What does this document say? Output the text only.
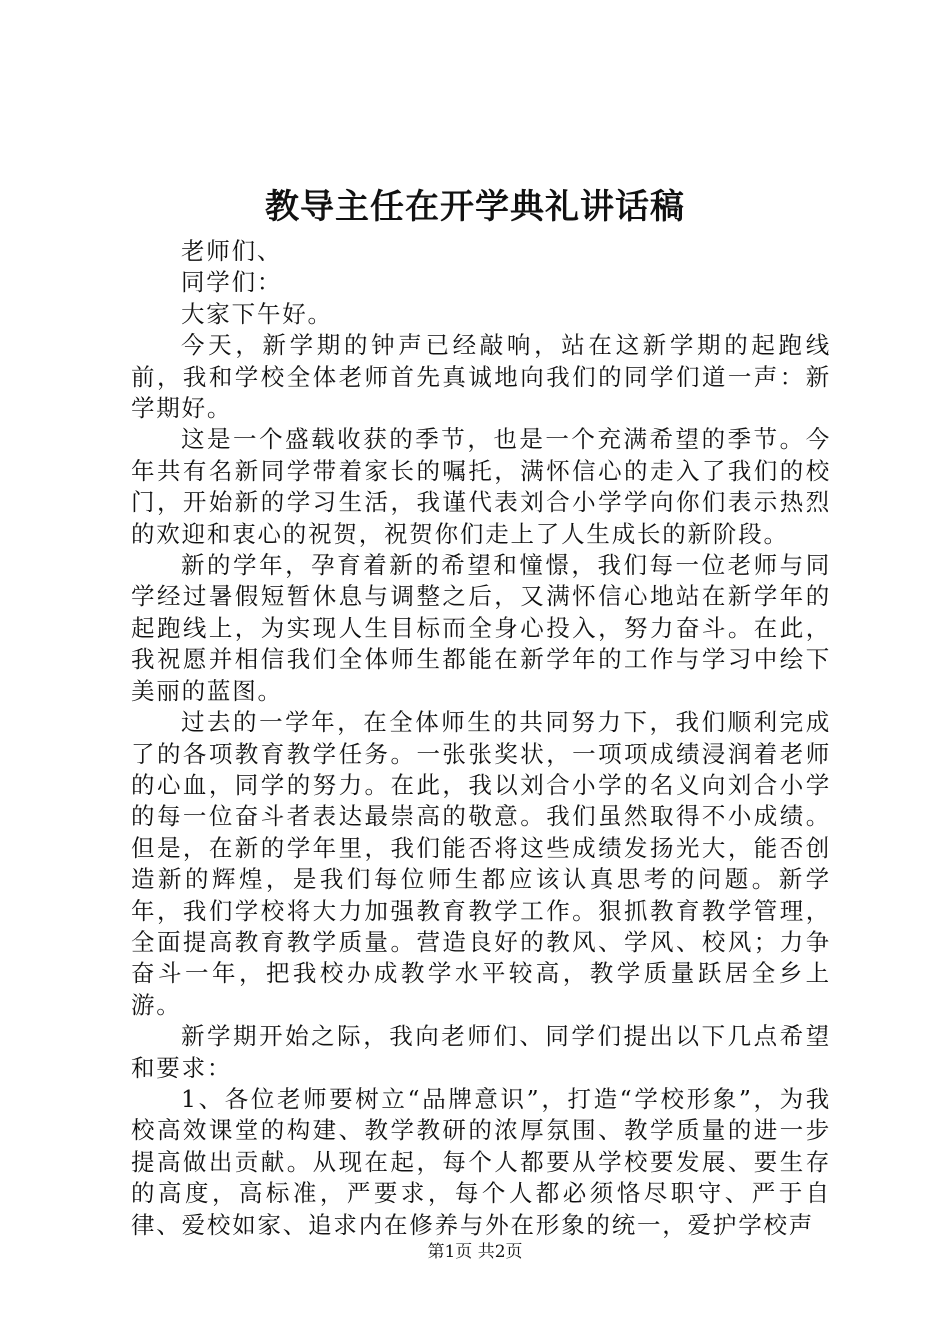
教导主任在开学典礼讲话稿

老师们、

同学们：

大家下午好。

今天，新学期的钟声已经敲响，站在这新学期的起跑线前，我和学校全体老师首先真诚地向我们的同学们道一声：新学期好。

这是一个盛载收获的季节，也是一个充满希望的季节。今年共有名新同学带着家长的嘱托，满怀信心的走入了我们的校门，开始新的学习生活，我谨代表刘合小学学向你们表示热烈的欢迎和衷心的祝贺，祝贺你们走上了人生成长的新阶段。

新的学年，孕育着新的希望和憧憬，我们每一位老师与同学经过暑假短暂休息与调整之后，又满怀信心地站在新学年的起跑线上，为实现人生目标而全身心投入，努力奋斗。在此，我祝愿并相信我们全体师生都能在新学年的工作与学习中绘下美丽的蓝图。

过去的一学年，在全体师生的共同努力下，我们顺利完成了的各项教育教学任务。一张张奖状，一项项成绩浸润着老师的心血，同学的努力。在此，我以刘合小学的名义向刘合小学的每一位奋斗者表达最崇高的敬意。我们虽然取得不小成绩。但是，在新的学年里，我们能否将这些成绩发扬光大，能否创造新的辉煌，是我们每位师生都应该认真思考的问题。新学年，我们学校将大力加强教育教学工作。狠抓教育教学管理，全面提高教育教学质量。营造良好的教风、学风、校风；力争奋斗一年，把我校办成教学水平较高，教学质量跃居全乡上游。

新学期开始之际，我向老师们、同学们提出以下几点希望和要求：

1、各位老师要树立“品牌意识”，打造“学校形象”，为我校高效课堂的构建、教学教研的浓厚氛围、教学质量的进一步提高做出贡献。从现在起，每个人都要从学校要发展、要生存的高度，高标准，严要求，每个人都必须恪尽职守、严于自律、爱校如家、追求内在修养与外在形象的统一，爱护学校声

第1页 共2页
